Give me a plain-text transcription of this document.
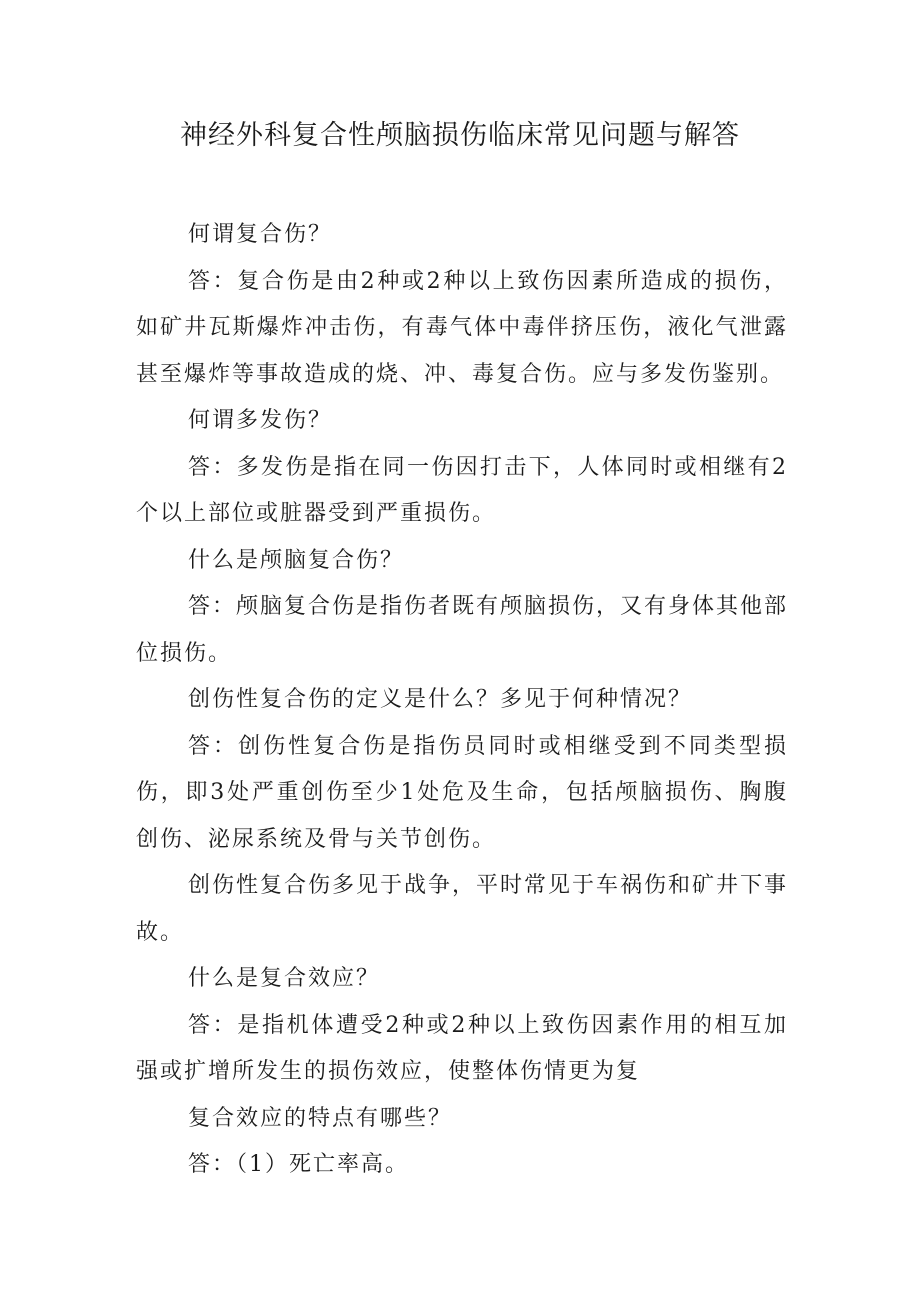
神经外科复合性颅脑损伤临床常见问题与解答

何谓复合伤？

答：复合伤是由2种或2种以上致伤因素所造成的损伤，如矿井瓦斯爆炸冲击伤，有毒气体中毒伴挤压伤，液化气泄露甚至爆炸等事故造成的烧、冲、毒复合伤。应与多发伤鉴别。

何谓多发伤？

答：多发伤是指在同一伤因打击下，人体同时或相继有2个以上部位或脏器受到严重损伤。

什么是颅脑复合伤？

答：颅脑复合伤是指伤者既有颅脑损伤，又有身体其他部位损伤。

创伤性复合伤的定义是什么？多见于何种情况？

答：创伤性复合伤是指伤员同时或相继受到不同类型损伤，即3处严重创伤至少1处危及生命，包括颅脑损伤、胸腹创伤、泌尿系统及骨与关节创伤。

创伤性复合伤多见于战争，平时常见于车祸伤和矿井下事故。

什么是复合效应？

答：是指机体遭受2种或2种以上致伤因素作用的相互加强或扩增所发生的损伤效应，使整体伤情更为复

复合效应的特点有哪些？

答：（1）死亡率高。
